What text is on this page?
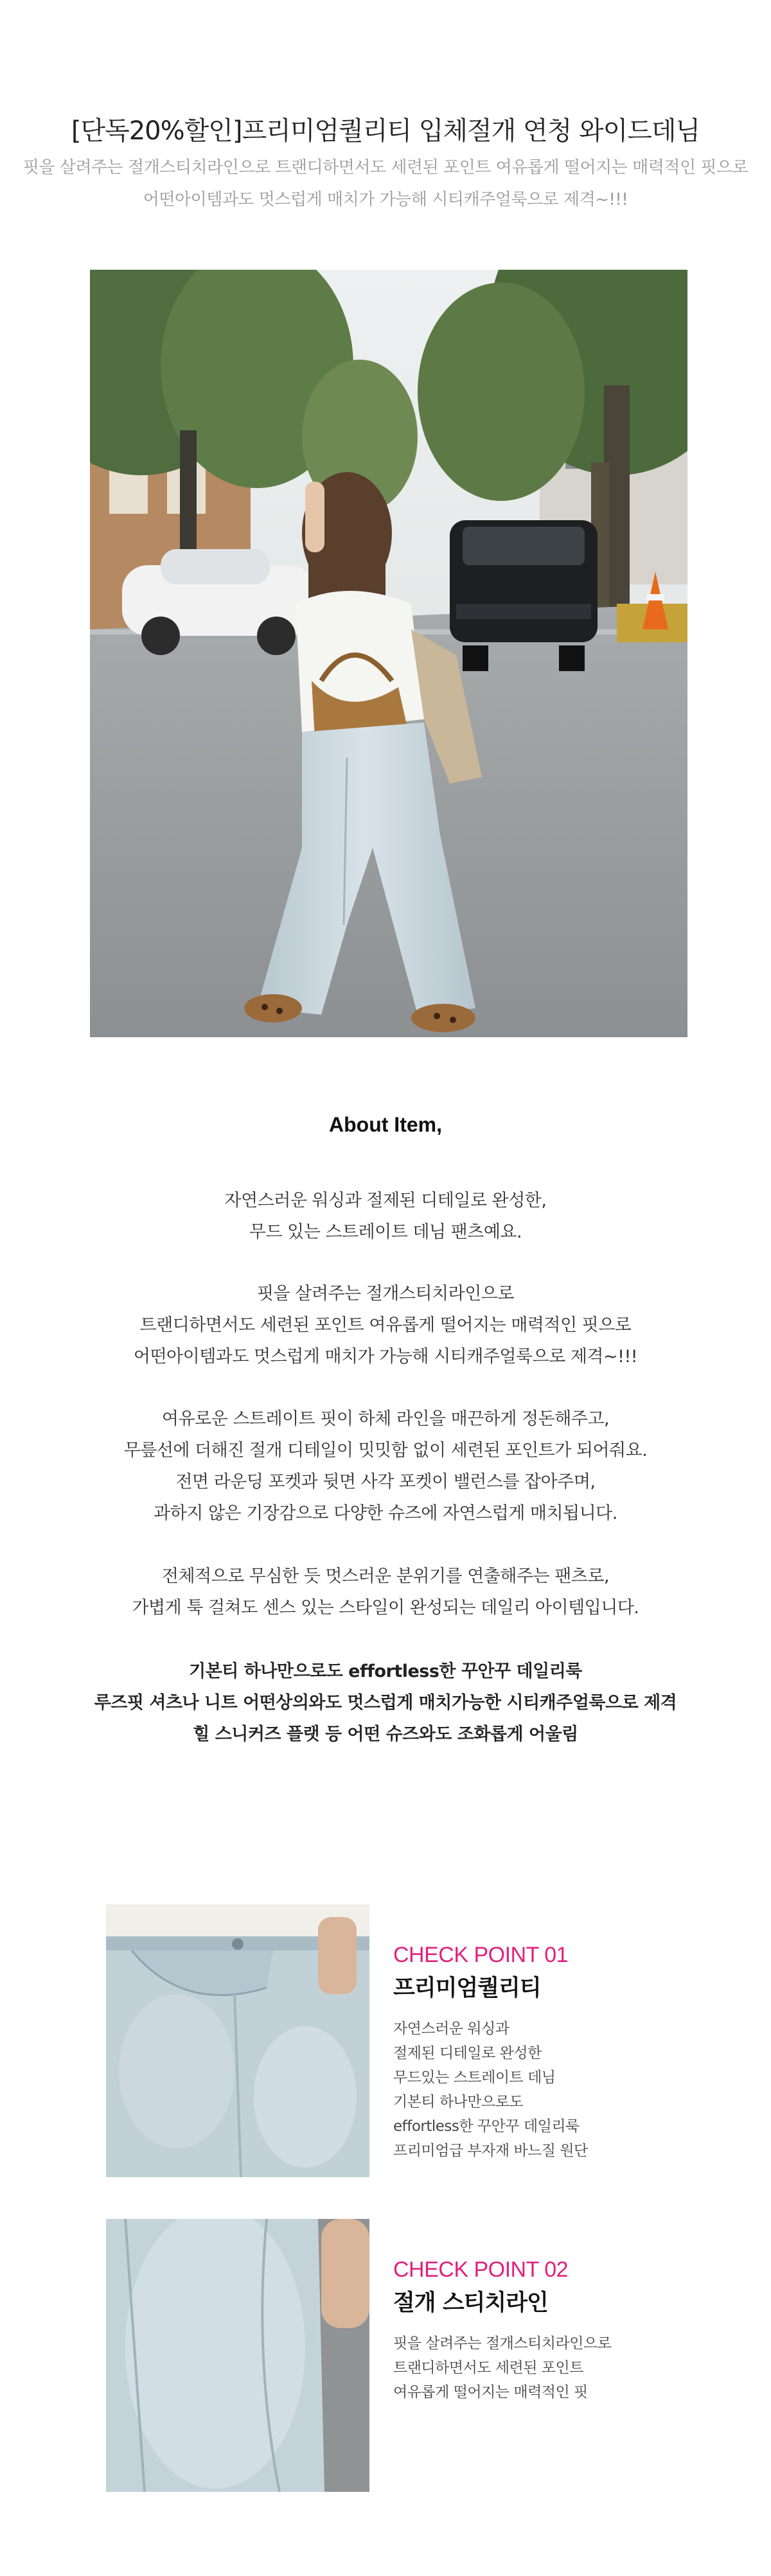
[단독20%할인]프리미엄퀄리티 입체절개 연청 와이드데님

핏을 살려주는 절개스티치라인으로 트랜디하면서도 세련된 포인트 여유롭게 떨어지는 매력적인 핏으로

어떤아이템과도 멋스럽게 매치가 가능해 시티캐주얼룩으로 제격~!!!

About Item,

자연스러운 워싱과 절제된 디테일로 완성한,

무드 있는 스트레이트 데님 팬츠예요.

핏을 살려주는 절개스티치라인으로

트랜디하면서도 세련된 포인트 여유롭게 떨어지는 매력적인 핏으로

어떤아이템과도 멋스럽게 매치가 가능해 시티캐주얼룩으로 제격~!!!

여유로운 스트레이트 핏이 하체 라인을 매끈하게 정돈해주고,

무릎선에 더해진 절개 디테일이 밋밋함 없이 세련된 포인트가 되어줘요.

전면 라운딩 포켓과 뒷면 사각 포켓이 밸런스를 잡아주며,

과하지 않은 기장감으로 다양한 슈즈에 자연스럽게 매치됩니다.

전체적으로 무심한 듯 멋스러운 분위기를 연출해주는 팬츠로,

가볍게 툭 걸쳐도 센스 있는 스타일이 완성되는 데일리 아이템입니다.

기본티 하나만으로도 effortless한 꾸안꾸 데일리룩

루즈핏 셔츠나 니트 어떤상의와도 멋스럽게 매치가능한 시티캐주얼룩으로 제격

힐 스니커즈 플랫 등 어떤 슈즈와도 조화롭게 어울림

CHECK POINT 01
프리미엄퀄리티

자연스러운 워싱과

절제된 디테일로 완성한

무드있는 스트레이트 데님

기본티 하나만으로도

effortless한 꾸안꾸 데일리룩

프리미엄급 부자재 바느질 원단

CHECK POINT 02
절개 스티치라인

핏을 살려주는 절개스티치라인으로

트랜디하면서도 세련된 포인트

여유롭게 떨어지는 매력적인 핏
